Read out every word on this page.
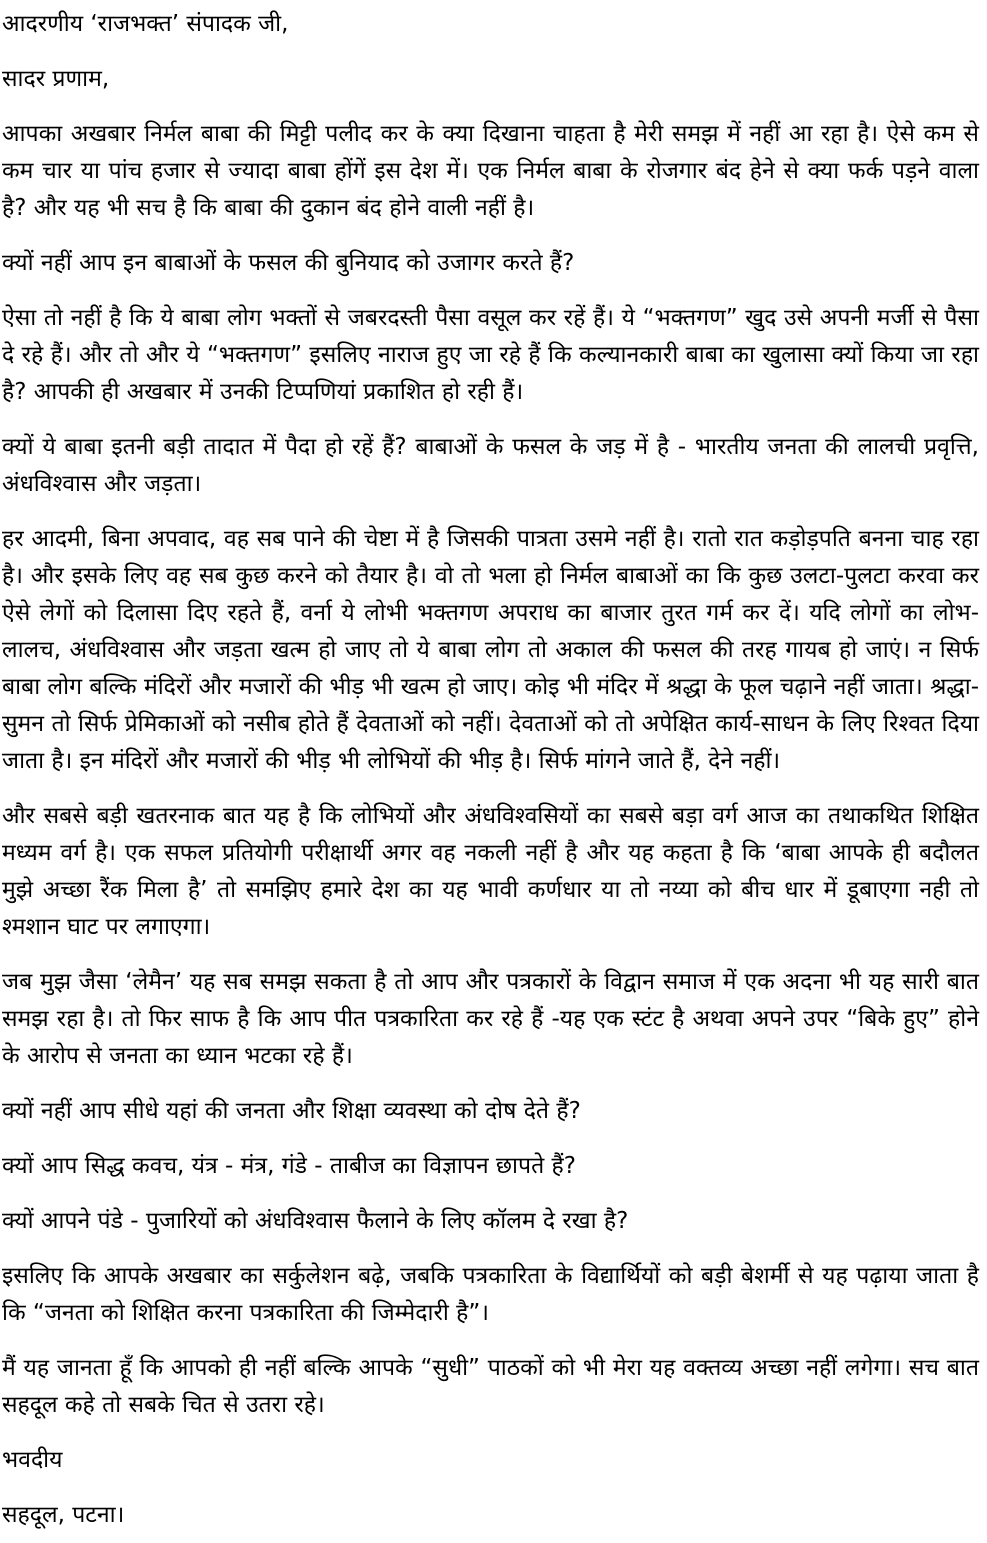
आदरणीय ‘राजभक्त’ संपादक जी,

सादर प्रणाम,

आपका अखबार निर्मल बाबा की मिट्टी पलीद कर के क्या दिखाना चाहता है मेरी समझ में नहीं आ रहा है। ऐसे कम से कम चार या पांच हजार से ज्यादा बाबा होंगें इस देश में। एक निर्मल बाबा के रोजगार बंद हेने से क्या फर्क पड़ने वाला है? और यह भी सच है कि बाबा की दुकान बंद होने वाली नहीं है।

क्यों नहीं आप इन बाबाओं के फसल की बुनियाद को उजागर करते हैं?

ऐसा तो नहीं है कि ये बाबा लोग भक्तों से जबरदस्ती पैसा वसूल कर रहें हैं। ये “भक्तगण” खुद उसे अपनी मर्जी से पैसा दे रहे हैं। और तो और ये “भक्तगण” इसलिए नाराज हुए जा रहे हैं कि कल्यानकारी बाबा का खुलासा क्यों किया जा रहा है? आपकी ही अखबार में उनकी टिप्पणियां प्रकाशित हो रही हैं।

क्यों ये बाबा इतनी बड़ी तादात में पैदा हो रहें हैं? बाबाओं के फसल के जड़ में है - भारतीय जनता की लालची प्रवृत्ति, अंधविश्वास और जड़ता।

हर आदमी, बिना अपवाद, वह सब पाने की चेष्टा में है जिसकी पात्रता उसमे नहीं है। रातो रात कड़ोड़पति बनना चाह रहा है। और इसके लिए वह सब कुछ करने को तैयार है। वो तो भला हो निर्मल बाबाओं का कि कुछ उलटा-पुलटा करवा कर ऐसे लेगों को दिलासा दिए रहते हैं, वर्ना ये लोभी भक्तगण अपराध का बाजार तुरत गर्म कर दें। यदि लोगों का लोभ-लालच, अंधविश्वास और जड़ता खत्म हो जाए तो ये बाबा लोग तो अकाल की फसल की तरह गायब हो जाएं। न सिर्फ बाबा लोग बल्कि मंदिरों और मजारों की भीड़ भी खत्म हो जाए। कोइ भी मंदिर में श्रद्धा के फूल चढ़ाने नहीं जाता। श्रद्धा-सुमन तो सिर्फ प्रेमिकाओं को नसीब होते हैं देवताओं को नहीं। देवताओं को तो अपेक्षित कार्य-साधन के लिए रिश्वत दिया जाता है। इन मंदिरों और मजारों की भीड़ भी लोभियों की भीड़ है। सिर्फ मांगने जाते हैं, देने नहीं।

और सबसे बड़ी खतरनाक बात यह है कि लोभियों और अंधविश्वसियों का सबसे बड़ा वर्ग आज का तथाकथित शिक्षित मध्यम वर्ग है। एक सफल प्रतियोगी परीक्षार्थी अगर वह नकली नहीं है और यह कहता है कि ‘बाबा आपके ही बदौलत मुझे अच्छा रैंक मिला है’ तो समझिए हमारे देश का यह भावी कर्णधार या तो नय्या को बीच धार में डूबाएगा नही तो श्मशान घाट पर लगाएगा।

जब मुझ जैसा ‘लेमैन’ यह सब समझ सकता है तो आप और पत्रकारों के विद्वान समाज में एक अदना भी यह सारी बात समझ रहा है। तो फिर साफ है कि आप पीत पत्रकारिता कर रहे हैं -यह एक स्टंट है अथवा अपने उपर “बिके हुए” होने के आरोप से जनता का ध्यान भटका रहे हैं।

क्यों नहीं आप सीधे यहां की जनता और शिक्षा व्यवस्था को दोष देते हैं?

क्यों आप सिद्ध कवच, यंत्र - मंत्र, गंडे - ताबीज का विज्ञापन छापते हैं?

क्यों आपने पंडे - पुजारियों को अंधविश्वास फैलाने के लिए कॉलम दे रखा है?

इसलिए कि आपके अखबार का सर्कुलेशन बढ़े, जबकि पत्रकारिता के विद्यार्थियों को बड़ी बेशर्मी से यह पढ़ाया जाता है कि “जनता को शिक्षित करना पत्रकारिता की जिम्मेदारी है”।

मैं यह जानता हूँ कि आपको ही नहीं बल्कि आपके “सुधी” पाठकों को भी मेरा यह वक्तव्य अच्छा नहीं लगेगा। सच बात सहदूल कहे तो सबके चित से उतरा रहे।

भवदीय

सहदूल, पटना।
